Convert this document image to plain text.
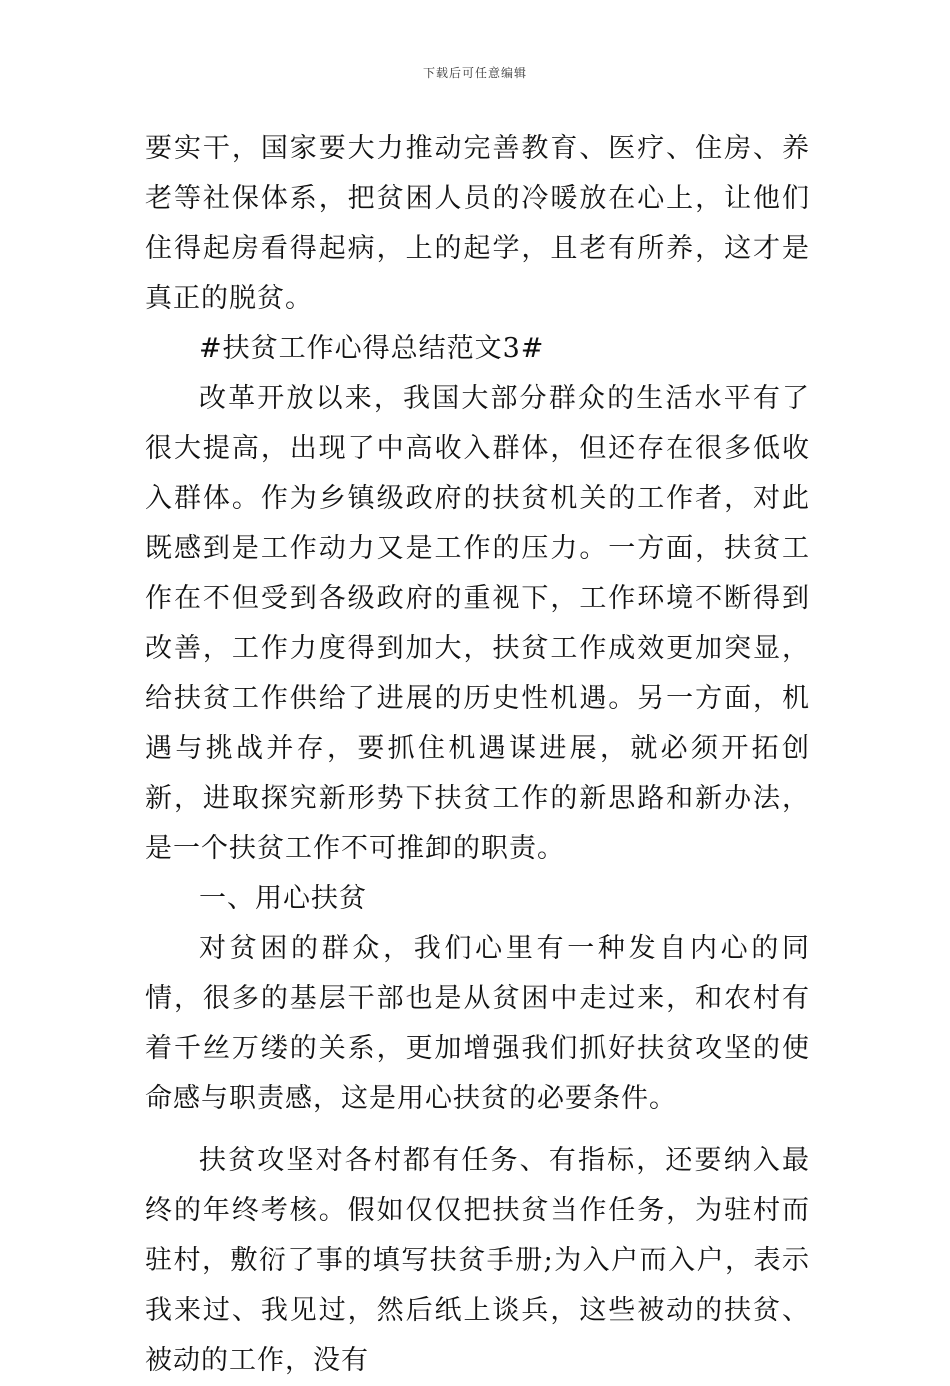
下载后可任意编辑

要实干，国家要大力推动完善教育、医疗、住房、养老等社保体系，把贫困人员的冷暖放在心上，让他们住得起房看得起病，上的起学，且老有所养，这才是真正的脱贫。

#扶贫工作心得总结范文3#

改革开放以来，我国大部分群众的生活水平有了很大提高，出现了中高收入群体，但还存在很多低收入群体。作为乡镇级政府的扶贫机关的工作者，对此既感到是工作动力又是工作的压力。一方面，扶贫工作在不但受到各级政府的重视下，工作环境不断得到改善，工作力度得到加大，扶贫工作成效更加突显，给扶贫工作供给了进展的历史性机遇。另一方面，机遇与挑战并存，要抓住机遇谋进展，就必须开拓创新，进取探究新形势下扶贫工作的新思路和新办法，是一个扶贫工作不可推卸的职责。

一、用心扶贫

对贫困的群众，我们心里有一种发自内心的同情，很多的基层干部也是从贫困中走过来，和农村有着千丝万缕的关系，更加增强我们抓好扶贫攻坚的使命感与职责感，这是用心扶贫的必要条件。

扶贫攻坚对各村都有任务、有指标，还要纳入最终的年终考核。假如仅仅把扶贫当作任务，为驻村而驻村，敷衍了事的填写扶贫手册;为入户而入户，表示我来过、我见过，然后纸上谈兵，这些被动的扶贫、被动的工作，没有
